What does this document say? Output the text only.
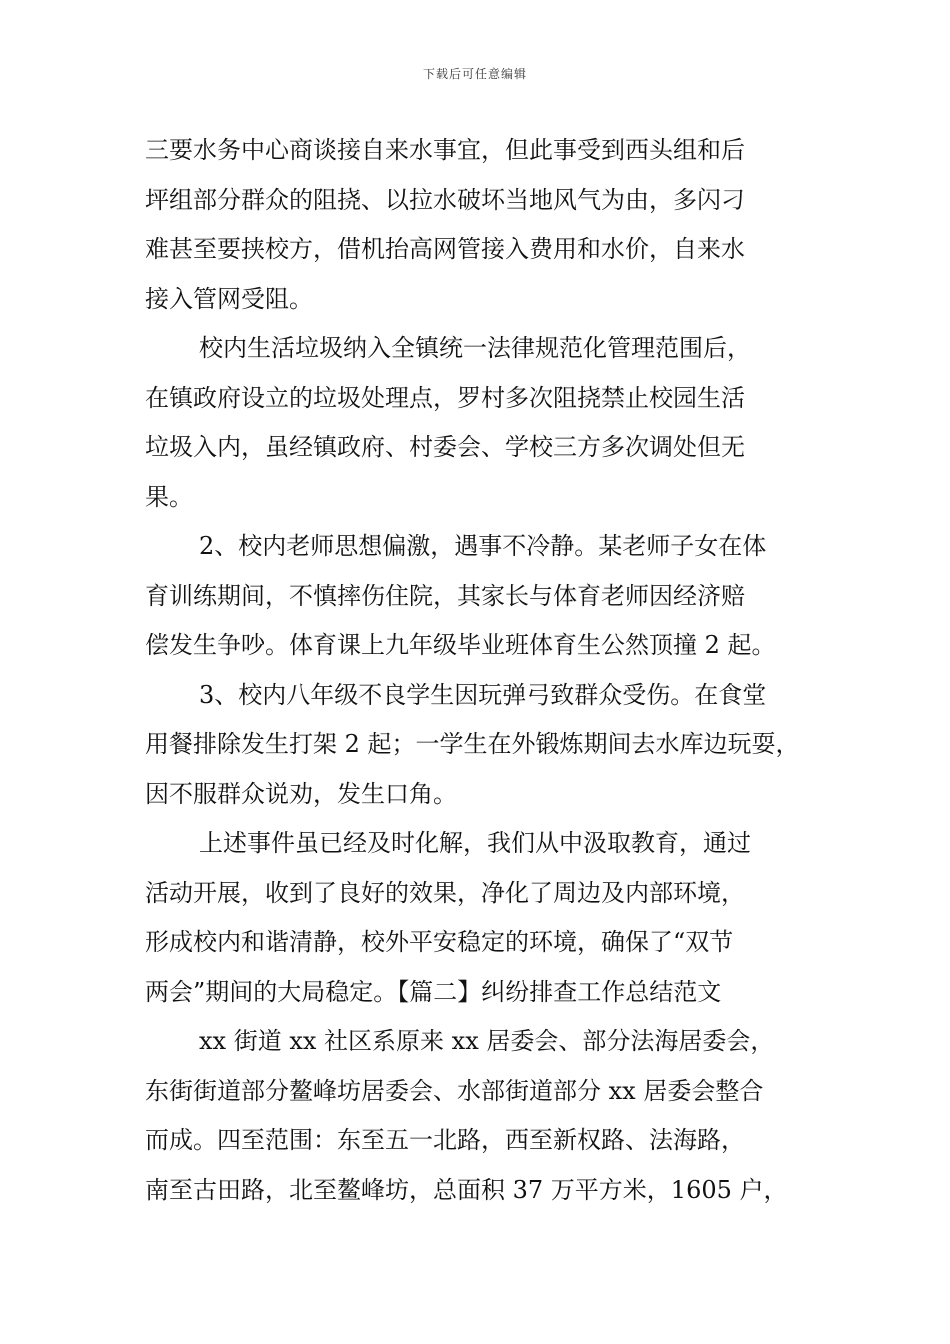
下载后可任意编辑
三要水务中心商谈接自来水事宜，但此事受到西头组和后
坪组部分群众的阻挠、以拉水破坏当地风气为由，多闪刁
难甚至要挟校方，借机抬高网管接入费用和水价，自来水
接入管网受阻。
校内生活垃圾纳入全镇统一法律规范化管理范围后，
在镇政府设立的垃圾处理点，罗村多次阻挠禁止校园生活
垃圾入内，虽经镇政府、村委会、学校三方多次调处但无
果。
2、校内老师思想偏激，遇事不冷静。某老师子女在体
育训练期间，不慎摔伤住院，其家长与体育老师因经济赔
偿发生争吵。体育课上九年级毕业班体育生公然顶撞 2 起。
3、校内八年级不良学生因玩弹弓致群众受伤。在食堂
用餐排除发生打架 2 起；一学生在外锻炼期间去水库边玩耍，
因不服群众说劝，发生口角。
上述事件虽已经及时化解，我们从中汲取教育，通过
活动开展，收到了良好的效果，净化了周边及内部环境，
形成校内和谐清静，校外平安稳定的环境，确保了“双节
两会”期间的大局稳定。【篇二】纠纷排查工作总结范文
xx 街道 xx 社区系原来 xx 居委会、部分法海居委会，
东街街道部分鳌峰坊居委会、水部街道部分 xx 居委会整合
而成。四至范围：东至五一北路，西至新权路、法海路，
南至古田路，北至鳌峰坊，总面积 37 万平方米，1605 户，
